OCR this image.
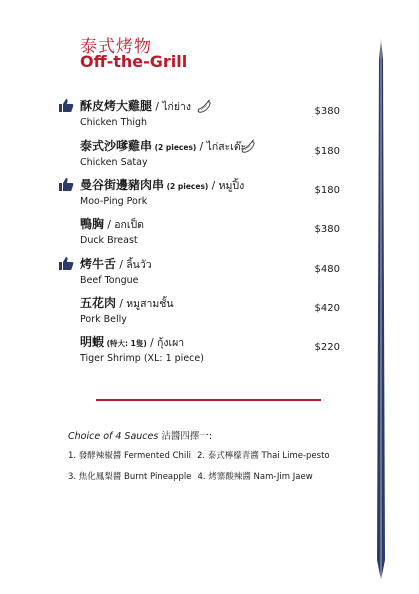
泰式烤物
Off-the-Grill
酥皮烤大雞腿 / ไก่ย่าง
Chicken Thigh
$380
泰式沙嗲雞串 (2 pieces) / ไก่สะเต๊ะ
Chicken Satay
$180
曼谷街邊豬肉串 (2 pieces) / หมูปิ้ง
Moo-Ping Pork
$180
鴨胸 / อกเป็ด
Duck Breast
$380
烤牛舌 / ลิ้นวัว
Beef Tongue
$480
五花肉 / หมูสามชั้น
Pork Belly
$420
明蝦 (特大: 1隻) / กุ้งเผา
Tiger Shrimp (XL: 1 piece)
$220
Choice of 4 Sauces 沾醬四擇一:
1. 發酵辣椒醬 Fermented Chili 2. 泰式檸檬青醬 Thai Lime-pesto
3. 焦化鳳梨醬 Burnt Pineapple 4. 烤寨酸辣醬 Nam-Jim Jaew
